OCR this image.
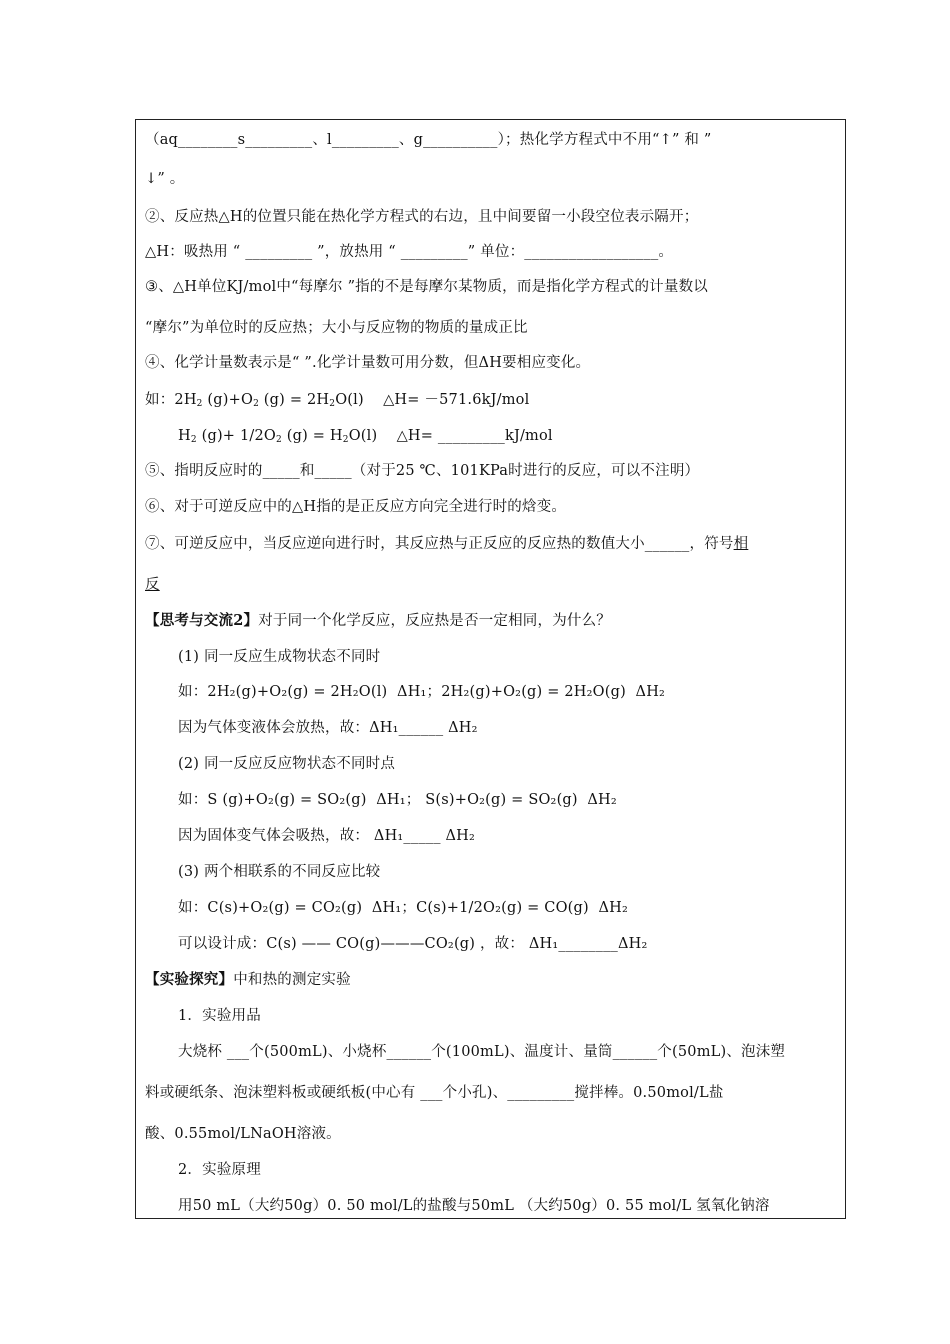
（aq________s_________、l_________、g__________）；热化学方程式中不用“↑” 和 ”
↓” 。
②、反应热△H的位置只能在热化学方程式的右边，且中间要留一小段空位表示隔开；
△H：吸热用 “ _________ ”，放热用 “ _________” 单位：__________________。
③、△H单位KJ/mol中“每摩尔 ”指的不是每摩尔某物质，而是指化学方程式的计量数以
“摩尔”为单位时的反应热；大小与反应物的物质的量成正比
④、化学计量数表示是“ ”.化学计量数可用分数，但ΔH要相应变化。
如：$2H_2$ $(g)+O_2$ $(g) = 2H_2O(l)$    △H= －571.6kJ/mol
$H_2$ $(g)+ 1/2O_2$ $(g) = H_2O(l)$    △H= _________kJ/mol
⑤、指明反应时的_____和_____（对于25 ℃、101KPa时进行的反应，可以不注明）
⑥、对于可逆反应中的△H指的是正反应方向完全进行时的焓变。
⑦、可逆反应中，当反应逆向进行时，其反应热与正反应的反应热的数值大小______，符号相
反
【思考与交流2】对于同一个化学反应，反应热是否一定相同，为什么？
(1) 同一反应生成物状态不同时
如：2H₂(g)+O₂(g) = 2H₂O(l)  ΔH₁；2H₂(g)+O₂(g) = 2H₂O(g)  ΔH₂
因为气体变液体会放热，故：ΔH₁______ ΔH₂
(2) 同一反应反应物状态不同时点
如：S (g)+O₂(g) = SO₂(g)  ΔH₁； S(s)+O₂(g) = SO₂(g)  ΔH₂
因为固体变气体会吸热，故： ΔH₁_____ ΔH₂
(3) 两个相联系的不同反应比较
如：C(s)+O₂(g) = CO₂(g)  ΔH₁；C(s)+1/2O₂(g) = CO(g)  ΔH₂
可以设计成：C(s) —— CO(g)———CO₂(g) ，故： ΔH₁________ΔH₂
【实验探究】中和热的测定实验
1．实验用品
大烧杯 ___个(500mL)、小烧杯______个(100mL)、温度计、量筒______个(50mL)、泡沫塑
料或硬纸条、泡沫塑料板或硬纸板(中心有 ___个小孔)、_________搅拌棒。0.50mol/L盐
酸、0.55mol/LNaOH溶液。
2．实验原理
用50 mL（大约50g）0. 50 mol/L的盐酸与50mL （大约50g）0. 55 mol/L 氢氧化钠溶
